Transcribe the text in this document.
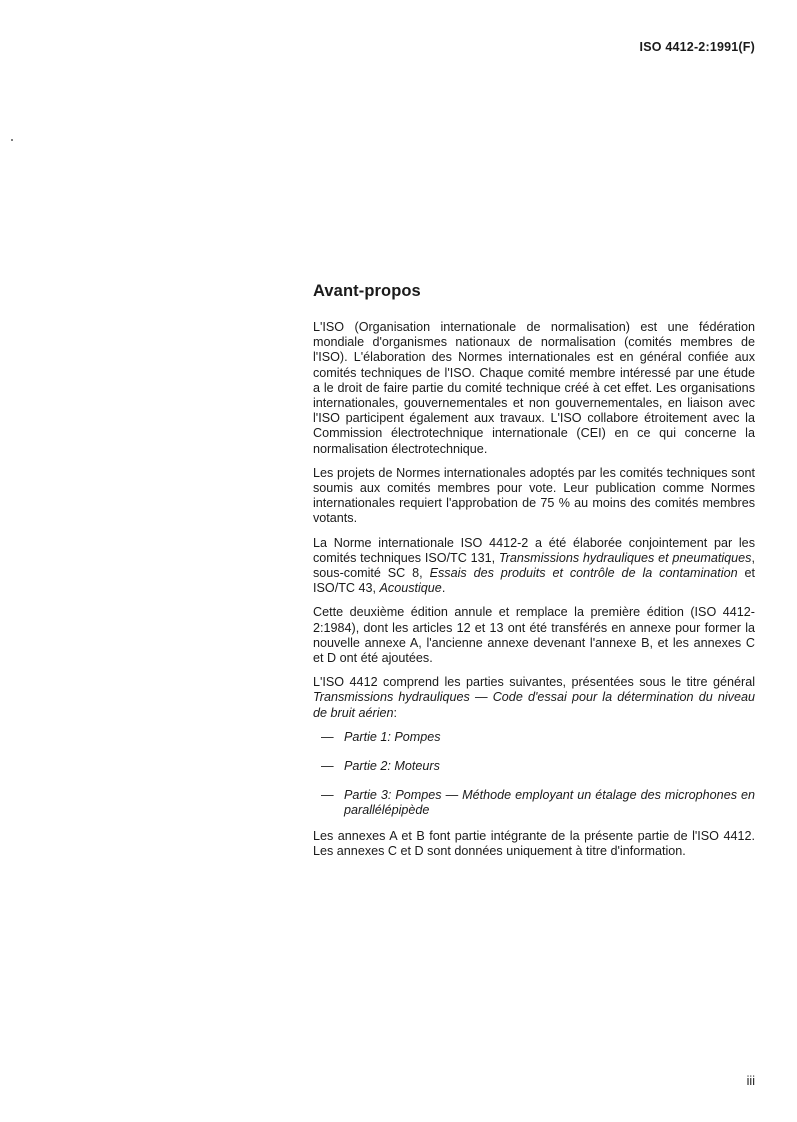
ISO 4412-2:1991(F)
Avant-propos

L'ISO (Organisation internationale de normalisation) est une fédération mondiale d'organismes nationaux de normalisation (comités membres de l'ISO). L'élaboration des Normes internationales est en général confiée aux comités techniques de l'ISO. Chaque comité membre intéressé par une étude a le droit de faire partie du comité technique créé à cet effet. Les organisations internationales, gouvernementales et non gouvernementales, en liaison avec l'ISO participent également aux travaux. L'ISO collabore étroitement avec la Commission électrotechnique internationale (CEI) en ce qui concerne la normalisation électrotechnique.

Les projets de Normes internationales adoptés par les comités techniques sont soumis aux comités membres pour vote. Leur publication comme Normes internationales requiert l'approbation de 75 % au moins des comités membres votants.

La Norme internationale ISO 4412-2 a été élaborée conjointement par les comités techniques ISO/TC 131, Transmissions hydrauliques et pneumatiques, sous-comité SC 8, Essais des produits et contrôle de la contamination et ISO/TC 43, Acoustique.

Cette deuxième édition annule et remplace la première édition (ISO 4412-2:1984), dont les articles 12 et 13 ont été transférés en annexe pour former la nouvelle annexe A, l'ancienne annexe devenant l'annexe B, et les annexes C et D ont été ajoutées.

L'ISO 4412 comprend les parties suivantes, présentées sous le titre général Transmissions hydrauliques — Code d'essai pour la détermination du niveau de bruit aérien:

— Partie 1: Pompes
— Partie 2: Moteurs
— Partie 3: Pompes — Méthode employant un étalage des microphones en parallélépipède

Les annexes A et B font partie intégrante de la présente partie de l'ISO 4412. Les annexes C et D sont données uniquement à titre d'information.

iii
